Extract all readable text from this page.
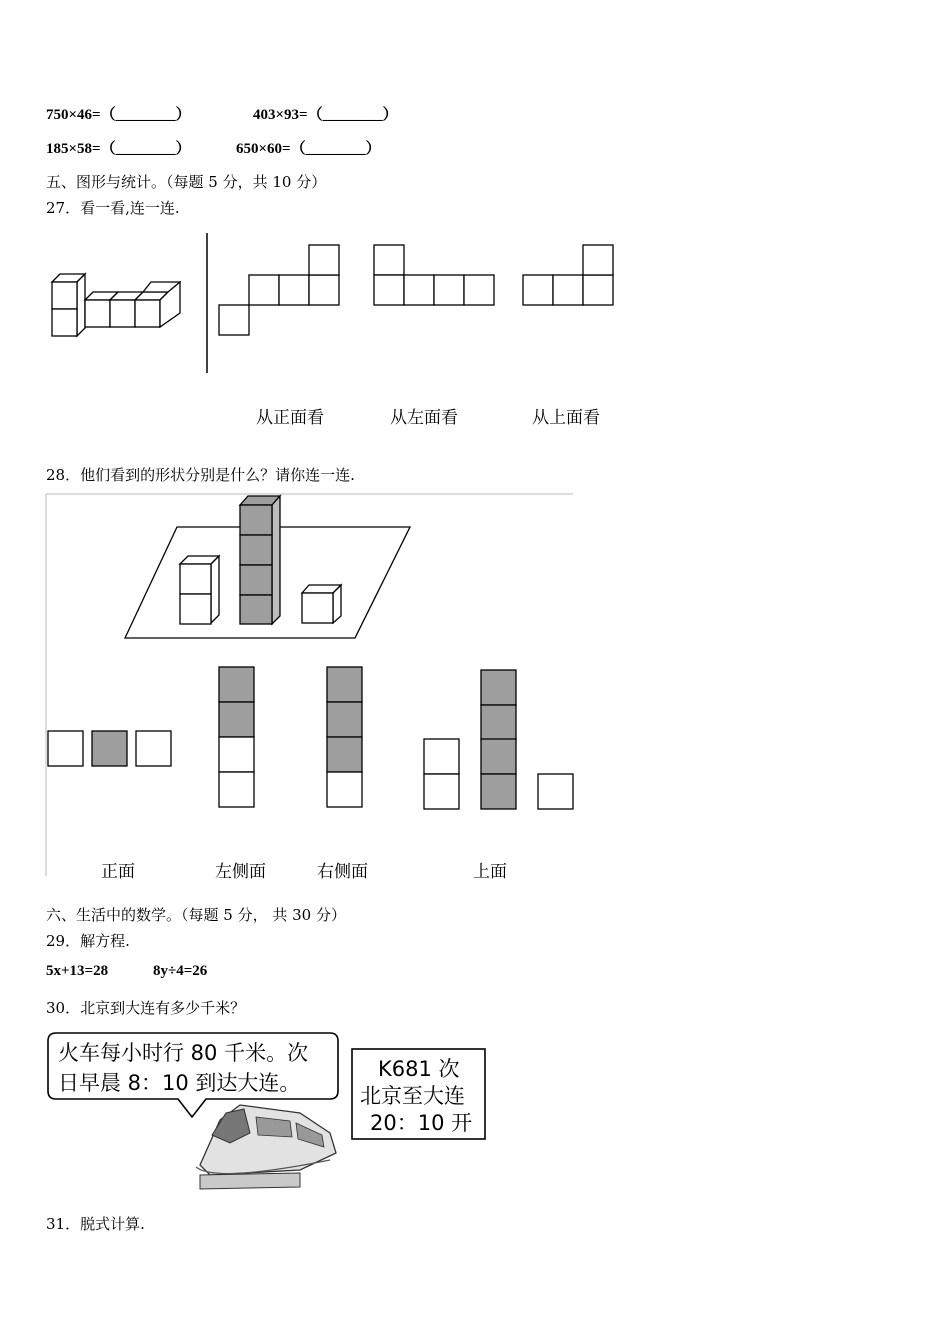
750×46=（________）	403×93=（________）
185×58=（________）	650×60=（________）
五、图形与统计。（每题 5 分，共 10 分）
27．看一看,连一连.
从正面看	从左面看	从上面看
28．他们看到的形状分别是什么？请你连一连.
正面	左侧面	右侧面	上面
六、生活中的数学。（每题 5 分， 共 30 分）
29．解方程.
5x+13=28	8y÷4=26
30．北京到大连有多少千米？
火车每小时行 80 千米。次
日早晨 8：10 到达大连。
K681 次
北京至大连
20：10 开
31．脱式计算.
